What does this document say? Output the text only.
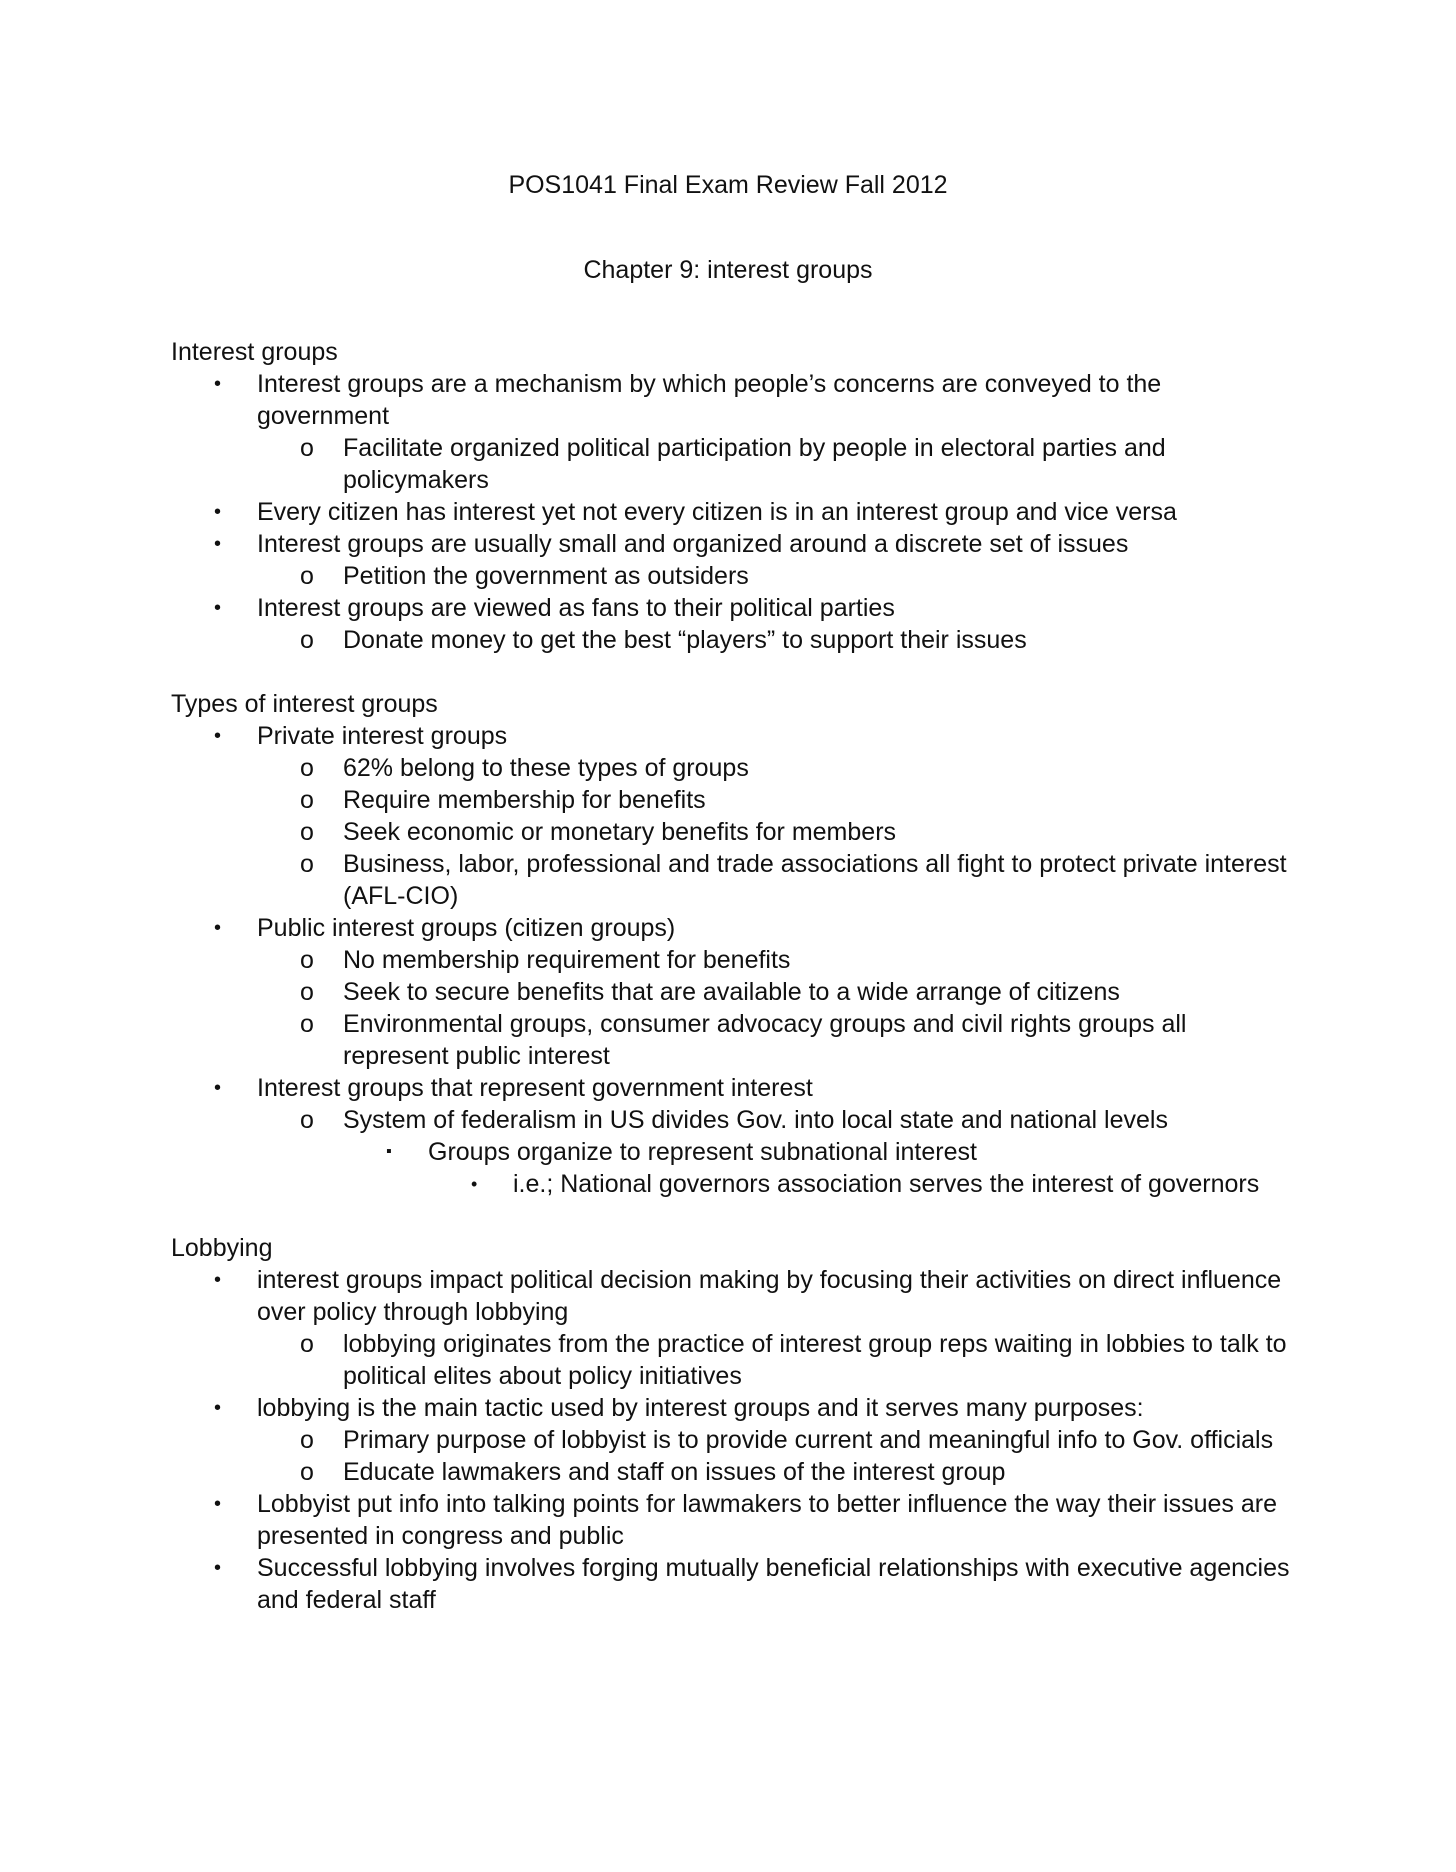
POS1041 Final Exam Review Fall 2012
Chapter 9: interest groups
Interest groups
• Interest groups are a mechanism by which people’s concerns are conveyed to the government
o Facilitate organized political participation by people in electoral parties and policymakers
• Every citizen has interest yet not every citizen is in an interest group and vice versa
• Interest groups are usually small and organized around a discrete set of issues
o Petition the government as outsiders
• Interest groups are viewed as fans to their political parties
o Donate money to get the best “players” to support their issues
Types of interest groups
• Private interest groups
o 62% belong to these types of groups
o Require membership for benefits
o Seek economic or monetary benefits for members
o Business, labor, professional and trade associations all fight to protect private interest (AFL-CIO)
• Public interest groups (citizen groups)
o No membership requirement for benefits
o Seek to secure benefits that are available to a wide arrange of citizens
o Environmental groups, consumer advocacy groups and civil rights groups all represent public interest
• Interest groups that represent government interest
o System of federalism in US divides Gov. into local state and national levels
▪ Groups organize to represent subnational interest
• i.e.; National governors association serves the interest of governors
Lobbying
• interest groups impact political decision making by focusing their activities on direct influence over policy through lobbying
o lobbying originates from the practice of interest group reps waiting in lobbies to talk to political elites about policy initiatives
• lobbying is the main tactic used by interest groups and it serves many purposes:
o Primary purpose of lobbyist is to provide current and meaningful info to Gov. officials
o Educate lawmakers and staff on issues of the interest group
• Lobbyist put info into talking points for lawmakers to better influence the way their issues are presented in congress and public
• Successful lobbying involves forging mutually beneficial relationships with executive agencies and federal staff
